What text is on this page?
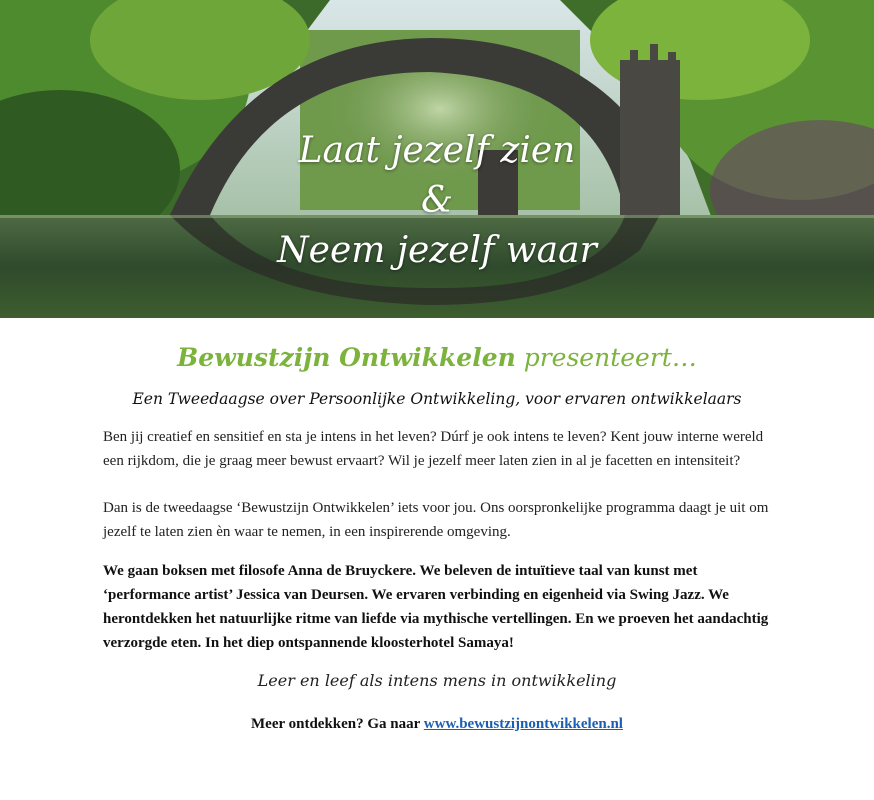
Laat jezelf zien
&
Neem jezelf waar
Bewustzijn Ontwikkelen presenteert…
Een Tweedaagse over Persoonlijke Ontwikkeling, voor ervaren ontwikkelaars

Ben jij creatief en sensitief en sta je intens in het leven? Dúrf je ook intens te leven? Kent jouw interne wereld een rijkdom, die je graag meer bewust ervaart? Wil je jezelf meer laten zien in al je facetten en intensiteit?

Dan is de tweedaagse ‘Bewustzijn Ontwikkelen’ iets voor jou. Ons oorspronkelijke programma daagt je uit om jezelf te laten zien èn waar te nemen, in een inspirerende omgeving.

We gaan boksen met filosofe Anna de Bruyckere. We beleven de intuïtieve taal van kunst met ‘performance artist’ Jessica van Deursen. We ervaren verbinding en eigenheid via Swing Jazz. We herontdekken het natuurlijke ritme van liefde via mythische vertellingen. En we proeven het aandachtig verzorgde eten. In het diep ontspannende kloosterhotel Samaya!

Leer en leef als intens mens in ontwikkeling
Meer ontdekken? Ga naar www.bewustzijnontwikkelen.nl
